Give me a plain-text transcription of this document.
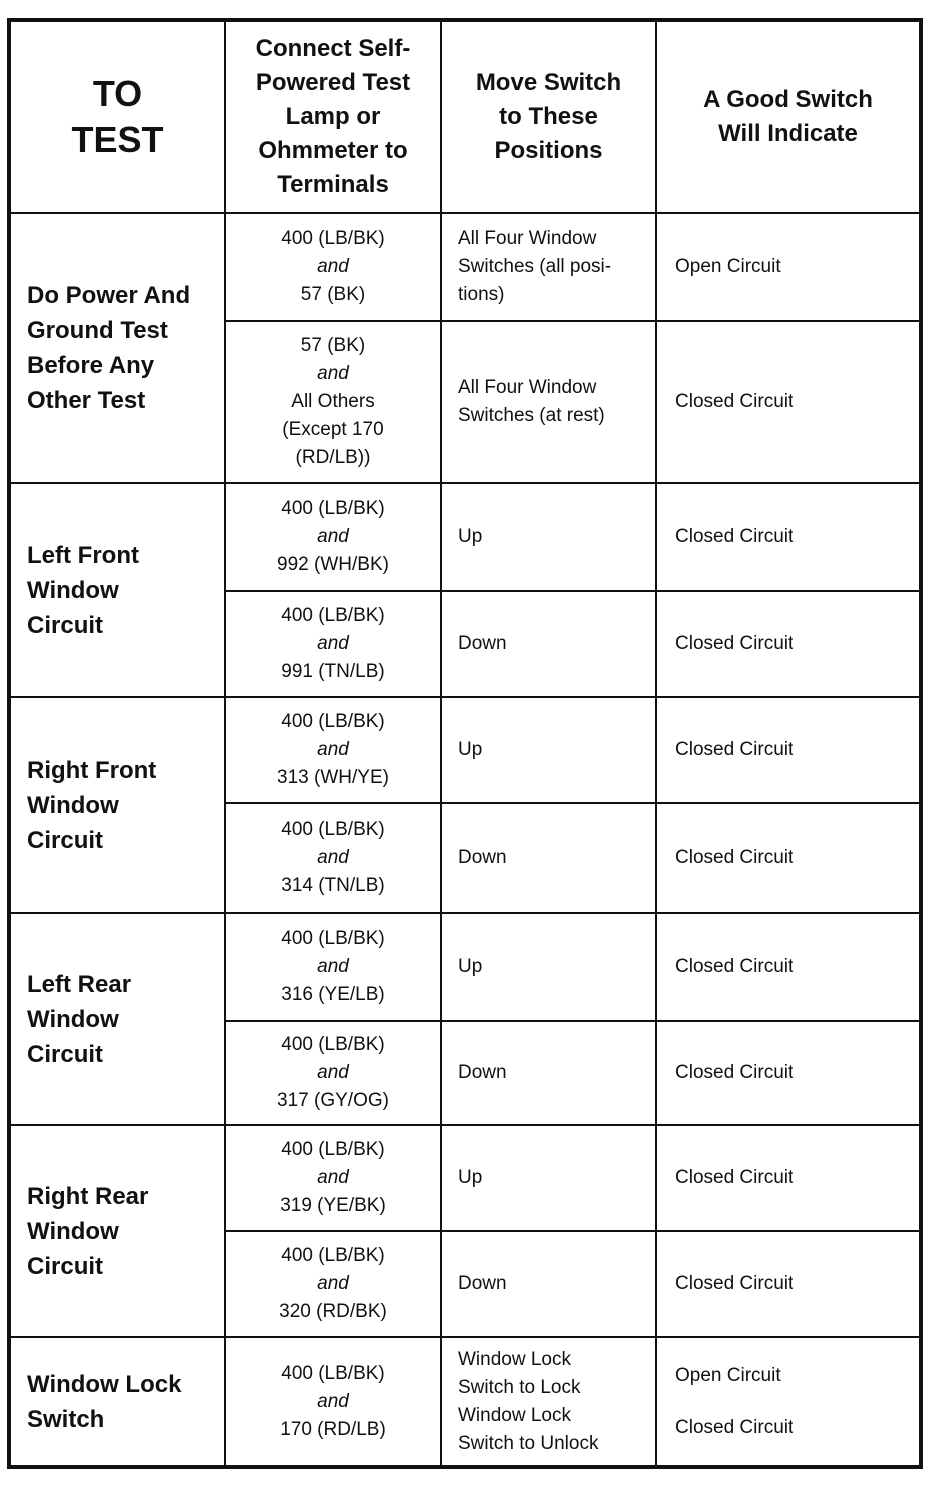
TO
TEST	Connect Self-
Powered Test
Lamp or
Ohmmeter to
Terminals	Move Switch
to These
Positions	A Good Switch
Will Indicate

Do Power And
Ground Test
Before Any
Other Test	400 (LB/BK)
and
57 (BK)	All Four Window
Switches (all posi-
tions)	Open Circuit

	57 (BK)
and
All Others
(Except 170
(RD/LB))	All Four Window
Switches (at rest)	Closed Circuit

Left Front
Window
Circuit	400 (LB/BK)
and
992 (WH/BK)	Up	Closed Circuit

	400 (LB/BK)
and
991 (TN/LB)	Down	Closed Circuit

Right Front
Window
Circuit	400 (LB/BK)
and
313 (WH/YE)	Up	Closed Circuit

	400 (LB/BK)
and
314 (TN/LB)	Down	Closed Circuit

Left Rear
Window
Circuit	400 (LB/BK)
and
316 (YE/LB)	Up	Closed Circuit

	400 (LB/BK)
and
317 (GY/OG)	Down	Closed Circuit

Right Rear
Window
Circuit	400 (LB/BK)
and
319 (YE/BK)	Up	Closed Circuit

	400 (LB/BK)
and
320 (RD/BK)	Down	Closed Circuit

Window Lock
Switch	400 (LB/BK)
and
170 (RD/LB)	Window Lock
Switch to Lock
Window Lock
Switch to Unlock	Open Circuit
Closed Circuit
